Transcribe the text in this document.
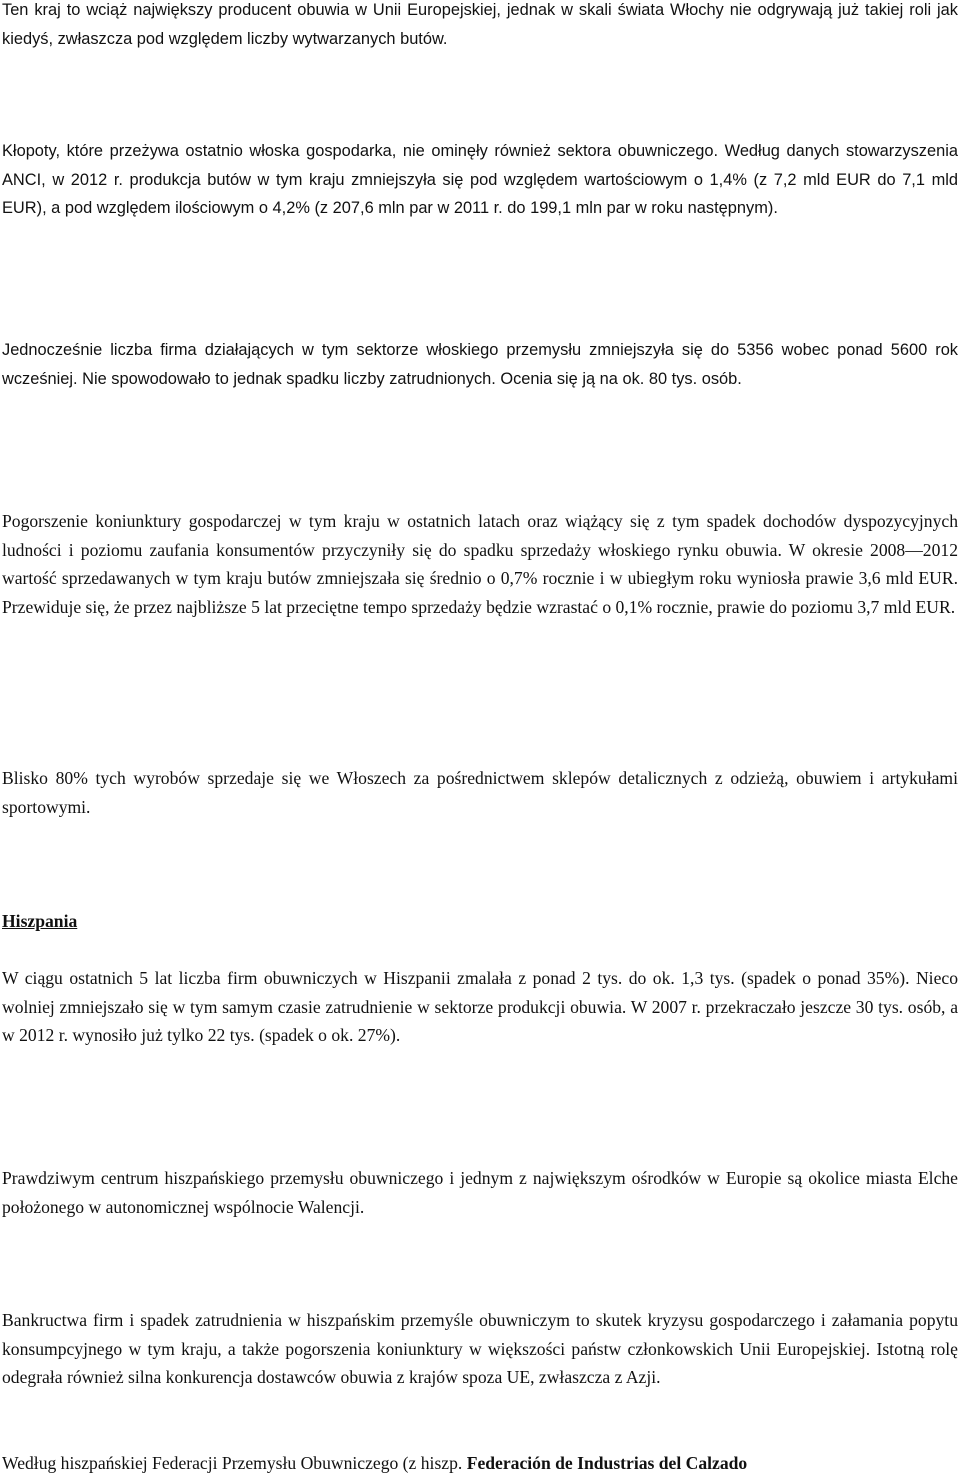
Ten kraj to wciąż największy producent obuwia w Unii Europejskiej, jednak w skali świata Włochy nie odgrywają już takiej roli jak kiedyś, zwłaszcza pod względem liczby wytwarzanych butów.

Kłopoty, które przeżywa ostatnio włoska gospodarka, nie ominęły również sektora obuwniczego. Według danych stowarzyszenia ANCI, w 2012 r. produkcja butów w tym kraju zmniejszyła się pod względem wartościowym o 1,4% (z 7,2 mld EUR do 7,1 mld EUR), a pod względem ilościowym o 4,2% (z 207,6 mln par w 2011 r. do 199,1 mln par w roku następnym).

Jednocześnie liczba firma działających w tym sektorze włoskiego przemysłu zmniejszyła się do 5356 wobec ponad 5600 rok wcześniej. Nie spowodowało to jednak spadku liczby zatrudnionych. Ocenia się ją na ok. 80 tys. osób.

Pogorszenie koniunktury gospodarczej w tym kraju w ostatnich latach oraz wiążący się z tym spadek dochodów dyspozycyjnych ludności i poziomu zaufania konsumentów przyczyniły się do spadku sprzedaży włoskiego rynku obuwia. W okresie 2008—2012 wartość sprzedawanych w tym kraju butów zmniejszała się średnio o 0,7% rocznie i w ubiegłym roku wyniosła prawie 3,6 mld EUR. Przewiduje się, że przez najbliższe 5 lat przeciętne tempo sprzedaży będzie wzrastać o 0,1% rocznie, prawie do poziomu 3,7 mld EUR.

Blisko 80% tych wyrobów sprzedaje się we Włoszech za pośrednictwem sklepów detalicznych z odzieżą, obuwiem i artykułami sportowymi.

Hiszpania

W ciągu ostatnich 5 lat liczba firm obuwniczych w Hiszpanii zmalała z ponad 2 tys. do ok. 1,3 tys. (spadek o ponad 35%). Nieco wolniej zmniejszało się w tym samym czasie zatrudnienie w sektorze produkcji obuwia. W 2007 r. przekraczało jeszcze 30 tys. osób, a w 2012 r. wynosiło już tylko 22 tys. (spadek o ok. 27%).

Prawdziwym centrum hiszpańskiego przemysłu obuwniczego i jednym z największym ośrodków w Europie są okolice miasta Elche położonego w autonomicznej wspólnocie Walencji.

Bankructwa firm i spadek zatrudnienia w hiszpańskim przemyśle obuwniczym to skutek kryzysu gospodarczego i załamania popytu konsumpcyjnego w tym kraju, a także pogorszenia koniunktury w większości państw członkowskich Unii Europejskiej. Istotną rolę odegrała również silna konkurencja dostawców obuwia z krajów spoza UE, zwłaszcza z Azji.

Według hiszpańskiej Federacji Przemysłu Obuwniczego (z hiszp. Federación de Industrias del Calzado
